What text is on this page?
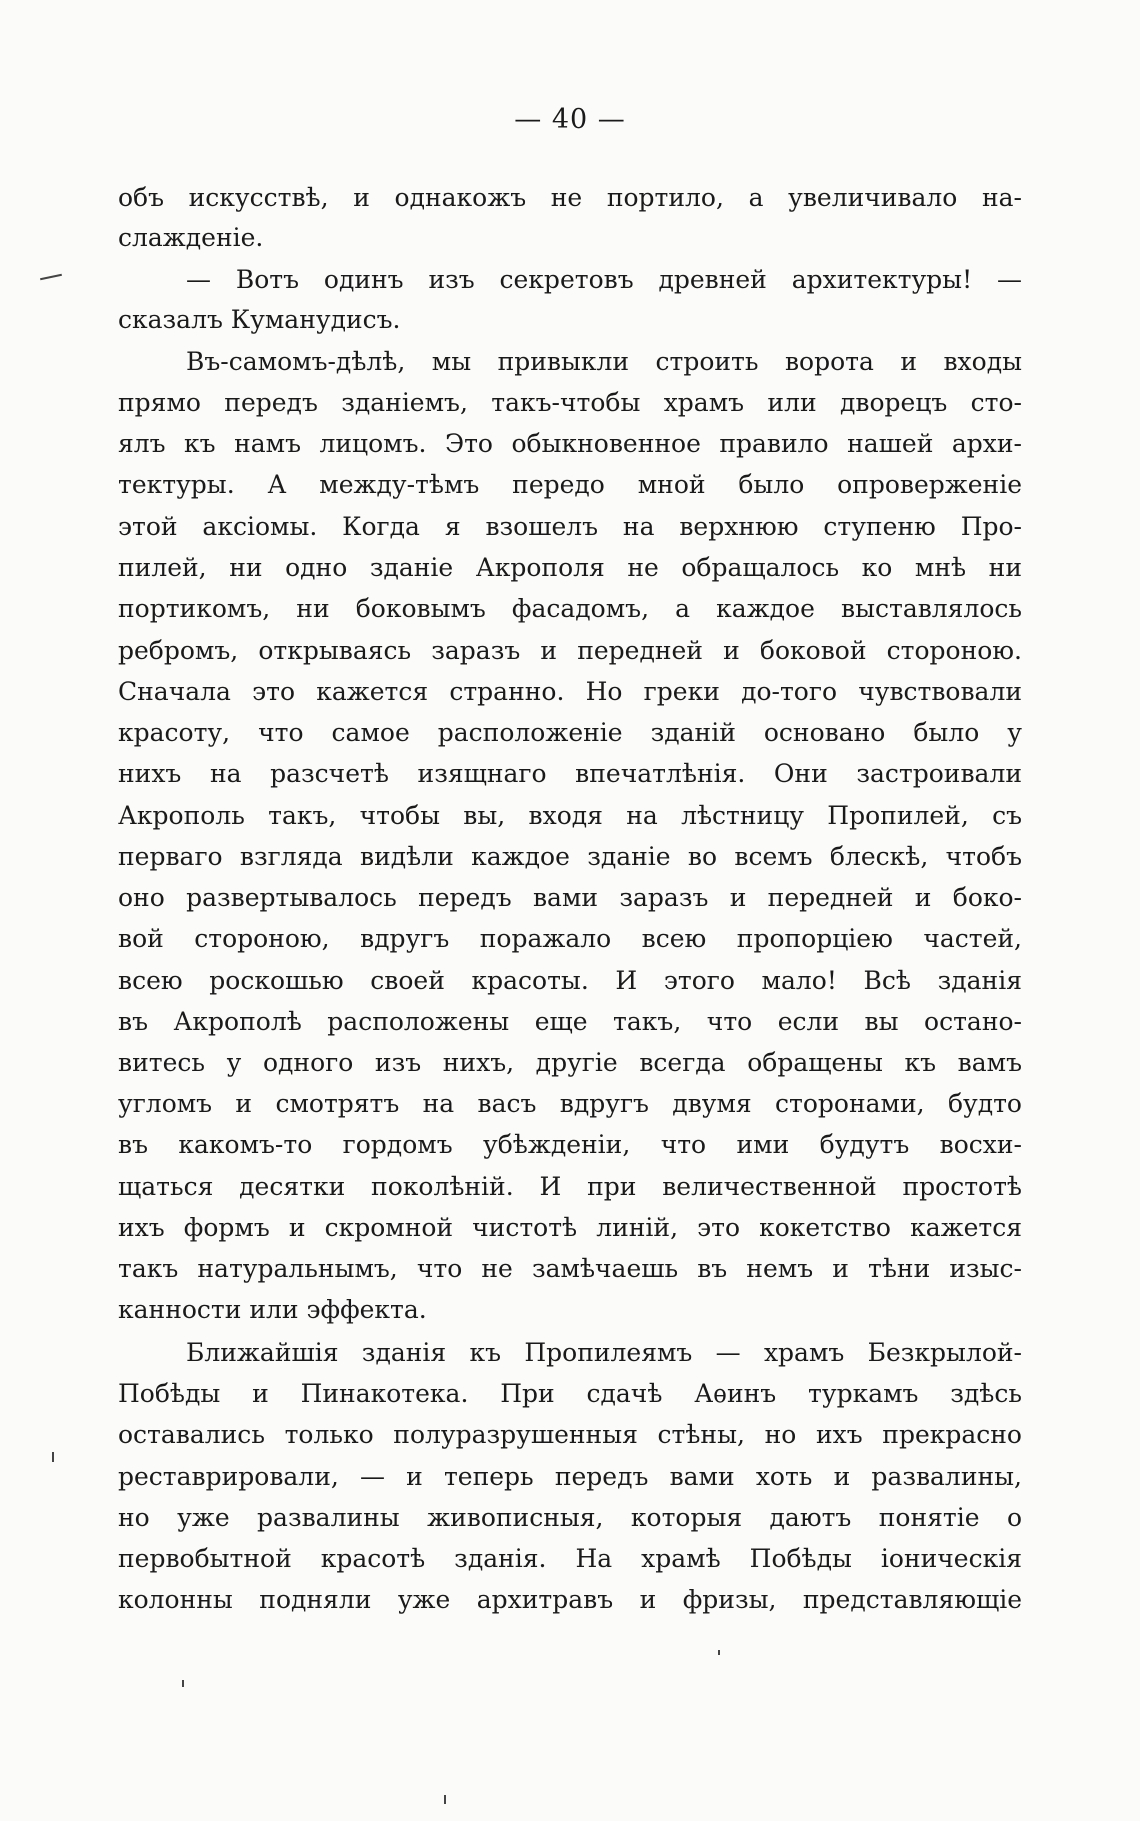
— 40 —
объ искусствѣ, и однакожъ не портило, а увеличивало на-
слажденіе.
— Вотъ одинъ изъ секретовъ древней архитектуры! —
сказалъ Куманудисъ.
Въ-самомъ-дѣлѣ, мы привыкли строить ворота и входы
прямо передъ зданіемъ, такъ-чтобы храмъ или дворецъ сто-
ялъ къ намъ лицомъ. Это обыкновенное правило нашей архи-
тектуры. А между-тѣмъ передо мной было опроверженіе
этой аксіомы. Когда я взошелъ на верхнюю ступеню Про-
пилей, ни одно зданіе Акрополя не обращалось ко мнѣ ни
портикомъ, ни боковымъ фасадомъ, а каждое выставлялось
ребромъ, открываясь заразъ и передней и боковой стороною.
Сначала это кажется странно. Но греки до-того чувствовали
красоту, что самое расположеніе зданій основано было у
нихъ на разсчетѣ изящнаго впечатлѣнія. Они застроивали
Акрополь такъ, чтобы вы, входя на лѣстницу Пропилей, съ
перваго взгляда видѣли каждое зданіе во всемъ блескѣ, чтобъ
оно развертывалось передъ вами заразъ и передней и боко-
вой стороною, вдругъ поражало всею пропорціею частей,
всею роскошью своей красоты. И этого мало! Всѣ зданія
въ Акрополѣ расположены еще такъ, что если вы остано-
витесь у одного изъ нихъ, другіе всегда обращены къ вамъ
угломъ и смотрятъ на васъ вдругъ двумя сторонами, будто
въ какомъ-то гордомъ убѣжденіи, что ими будутъ восхи-
щаться десятки поколѣній. И при величественной простотѣ
ихъ формъ и скромной чистотѣ линій, это кокетство кажется
такъ натуральнымъ, что не замѣчаешь въ немъ и тѣни изыс-
канности или эффекта.
Ближайшія зданія къ Пропилеямъ — храмъ Безкрылой-
Побѣды и Пинакотека. При сдачѣ Аѳинъ туркамъ здѣсь
оставались только полуразрушенныя стѣны, но ихъ прекрасно
реставрировали, — и теперь передъ вами хоть и развалины,
но уже развалины живописныя, которыя даютъ понятіе о
первобытной красотѣ зданія. На храмѣ Побѣды іоническія
колонны подняли уже архитравъ и фризы, представляющіе
